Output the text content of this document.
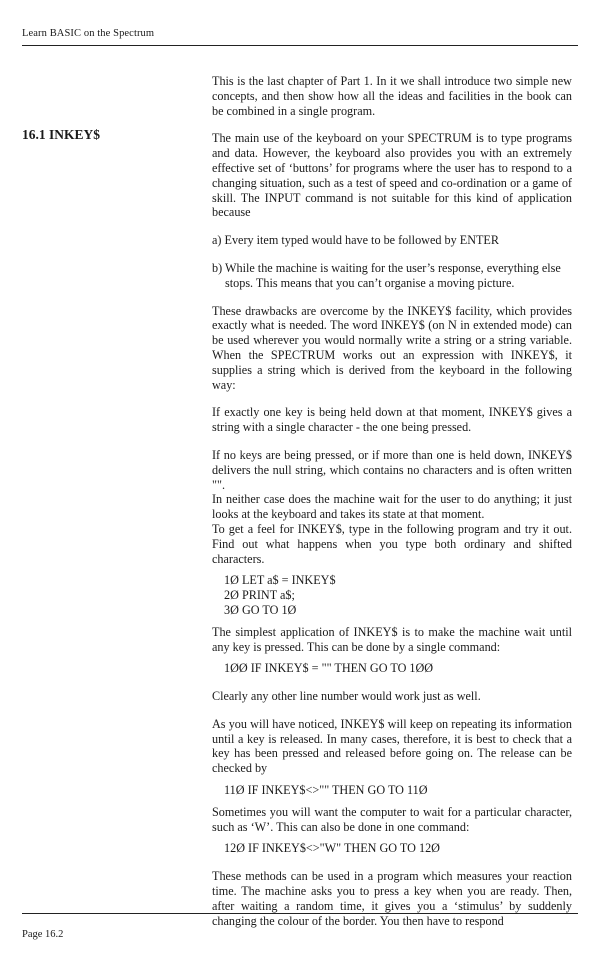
Learn BASIC on the Spectrum
16.1 INKEY$

This is the last chapter of Part 1. In it we shall introduce two simple new concepts, and then show how all the ideas and facilities in the book can be combined in a single program.

The main use of the keyboard on your SPECTRUM is to type programs and data. However, the keyboard also provides you with an extremely effective set of ‘buttons’ for programs where the user has to respond to a changing situation, such as a test of speed and co-ordination or a game of skill. The INPUT command is not suitable for this kind of application because

a) Every item typed would have to be followed by ENTER

b) While the machine is waiting for the user’s response, everything else stops. This means that you can’t organise a moving picture.

These drawbacks are overcome by the INKEY$ facility, which provides exactly what is needed. The word INKEY$ (on N in extended mode) can be used wherever you would normally write a string or a string variable. When the SPECTRUM works out an expression with INKEY$, it supplies a string which is derived from the keyboard in the following way:

If exactly one key is being held down at that moment, INKEY$ gives a string with a single character - the one being pressed.

If no keys are being pressed, or if more than one is held down, INKEY$ delivers the null string, which contains no characters and is often written "".

In neither case does the machine wait for the user to do anything; it just looks at the keyboard and takes its state at that moment.

To get a feel for INKEY$, type in the following program and try it out. Find out what happens when you type both ordinary and shifted characters.

1Ø LET a$ = INKEY$
2Ø PRINT a$;
3Ø GO TO 1Ø

The simplest application of INKEY$ is to make the machine wait until any key is pressed. This can be done by a single command:

1ØØ IF INKEY$ = "" THEN GO TO 1ØØ

Clearly any other line number would work just as well.

As you will have noticed, INKEY$ will keep on repeating its information until a key is released. In many cases, therefore, it is best to check that a key has been pressed and released before going on. The release can be checked by

11Ø IF INKEY$<>"" THEN GO TO 11Ø

Sometimes you will want the computer to wait for a particular character, such as ‘W’. This can also be done in one command:

12Ø IF INKEY$<>"W" THEN GO TO 12Ø

These methods can be used in a program which measures your reaction time. The machine asks you to press a key when you are ready. Then, after waiting a random time, it gives you a ‘stimulus’ by suddenly changing the colour of the border. You then have to respond

Page 16.2
